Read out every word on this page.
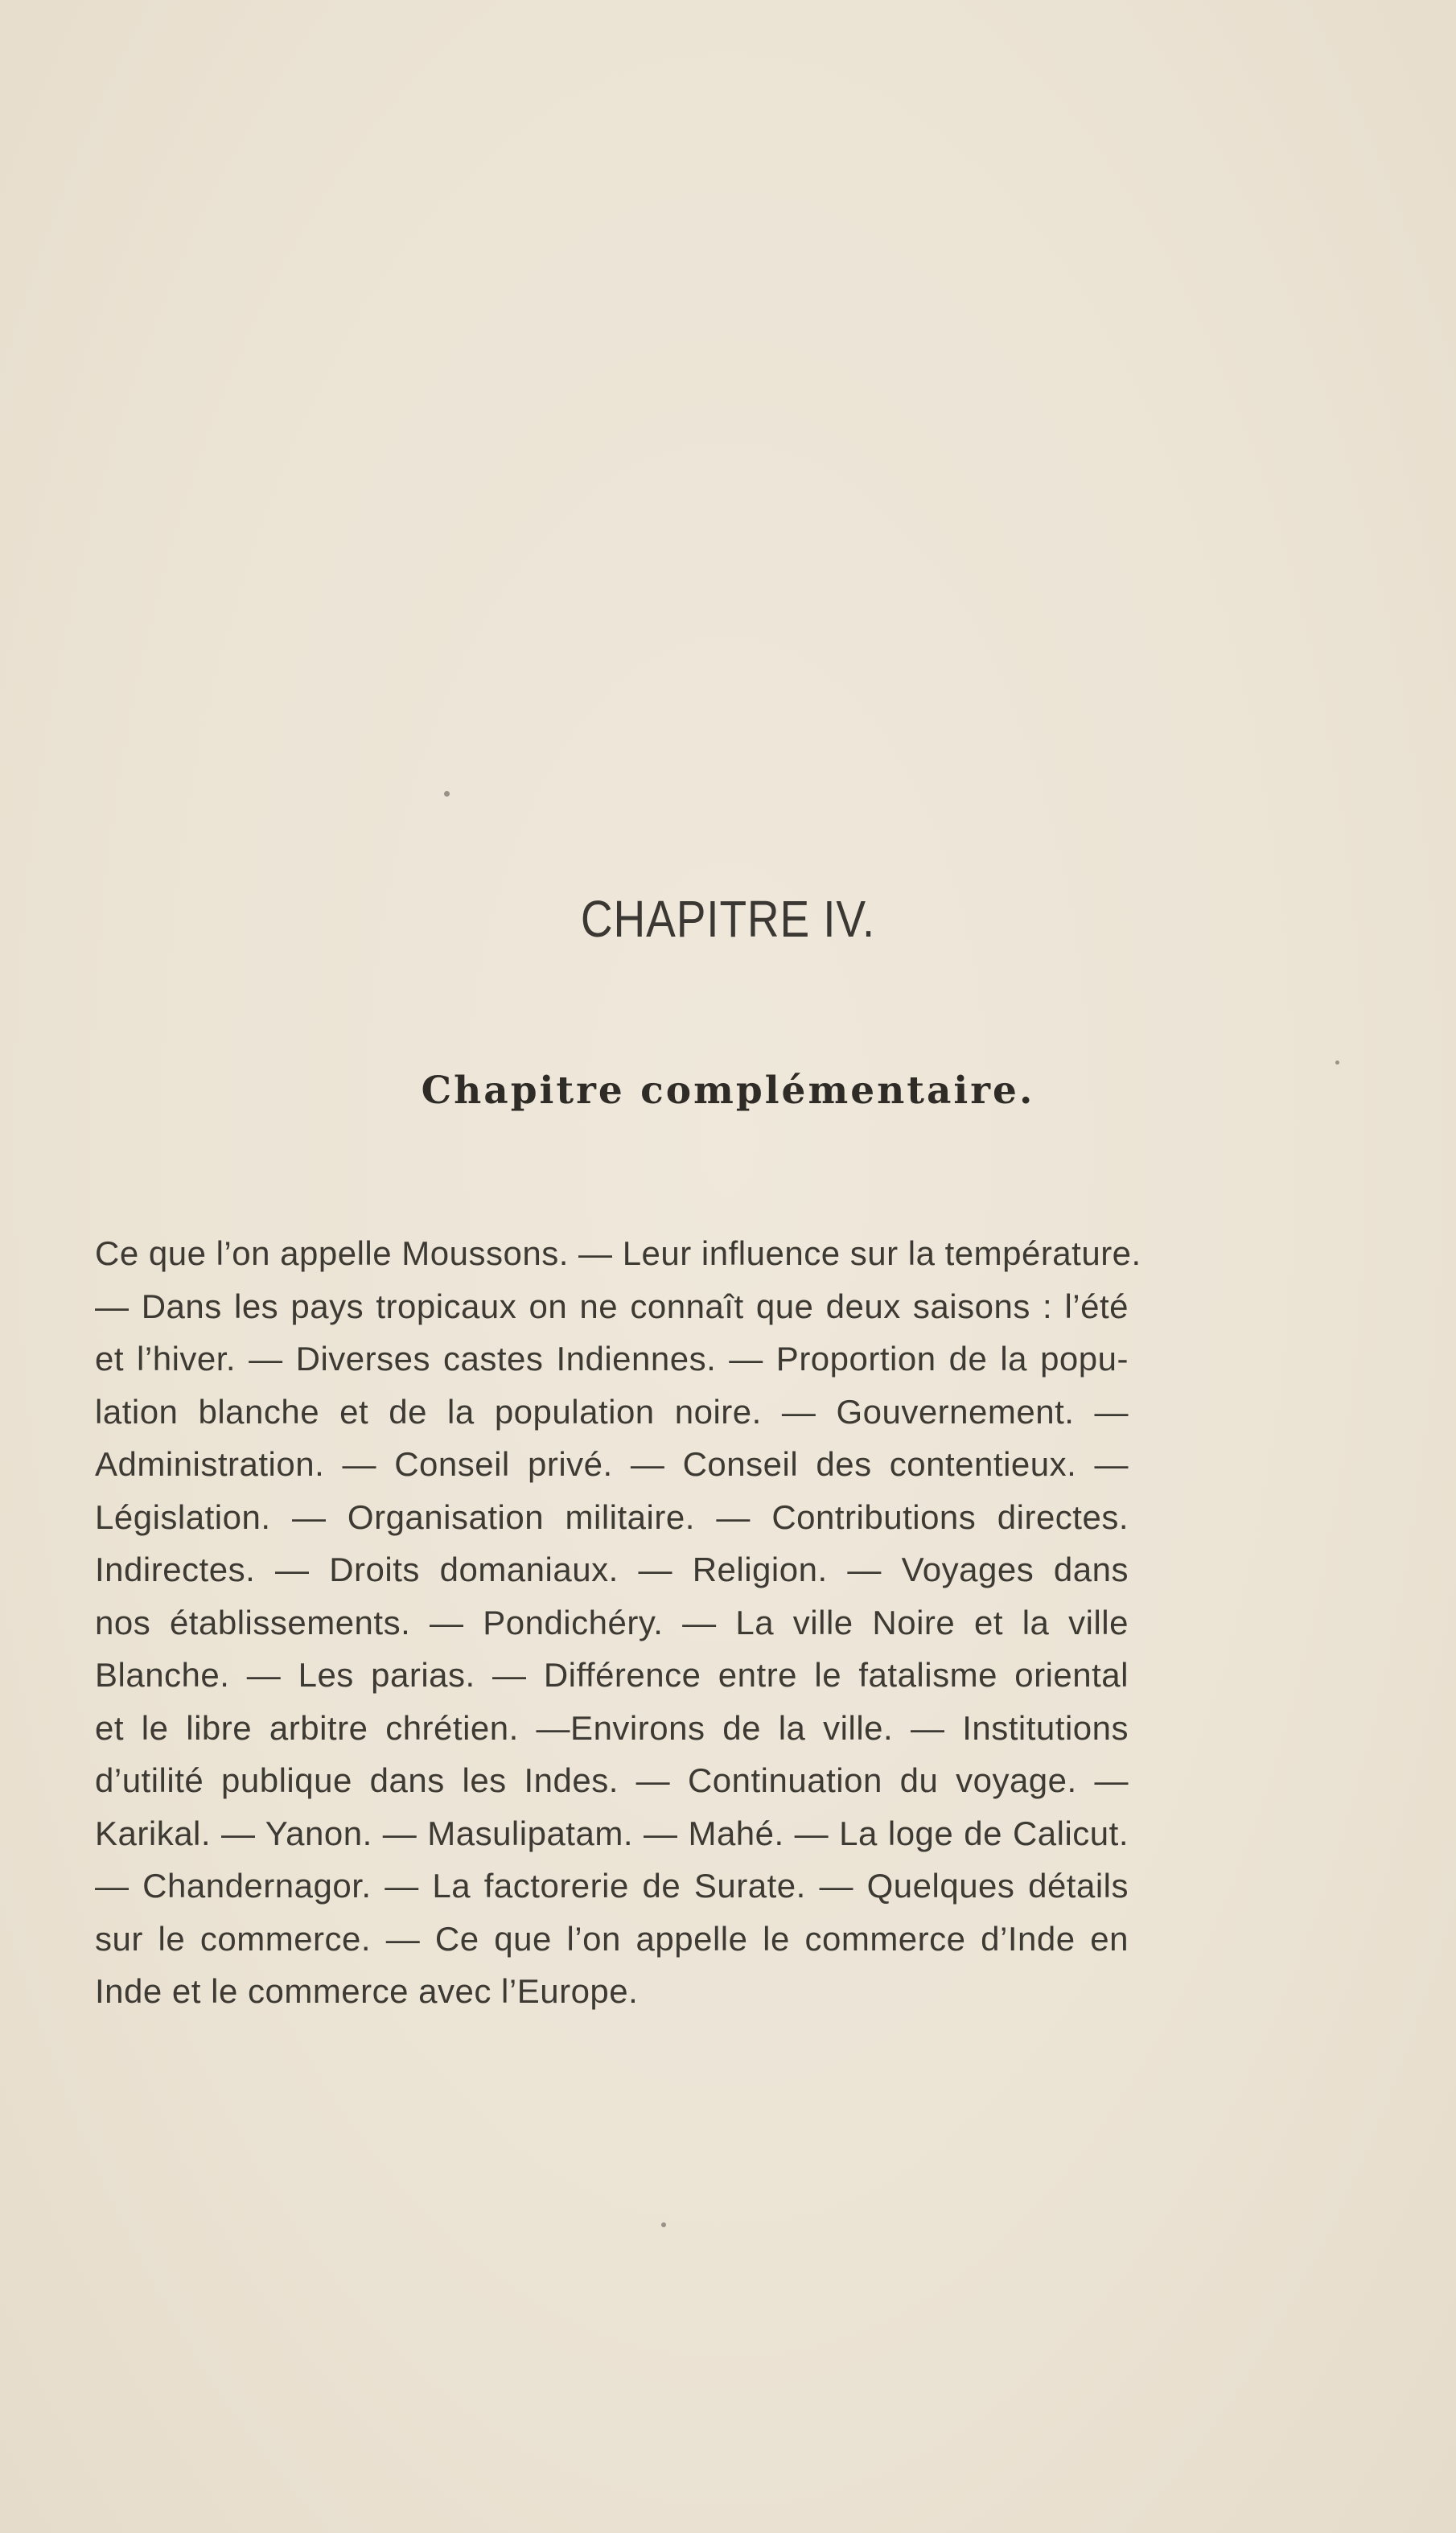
CHAPITRE IV.
Chapitre complémentaire.
Ce que l’on appelle Moussons. — Leur influence sur la température.
— Dans les pays tropicaux on ne connaît que deux saisons : l’été
et l’hiver. — Diverses castes Indiennes. — Proportion de la popu-
lation blanche et de la population noire. — Gouvernement. —
Administration. — Conseil privé. — Conseil des contentieux. —
Législation. — Organisation militaire. — Contributions directes.
Indirectes. — Droits domaniaux. — Religion. — Voyages dans
nos établissements. — Pondichéry. — La ville Noire et la ville
Blanche. — Les parias. — Différence entre le fatalisme oriental
et le libre arbitre chrétien. —Environs de la ville. — Institutions
d’utilité publique dans les Indes. — Continuation du voyage. —
Karikal. — Yanon. — Masulipatam. — Mahé. — La loge de Calicut.
— Chandernagor. — La factorerie de Surate. — Quelques détails
sur le commerce. — Ce que l’on appelle le commerce d’Inde en
Inde et le commerce avec l’Europe.
